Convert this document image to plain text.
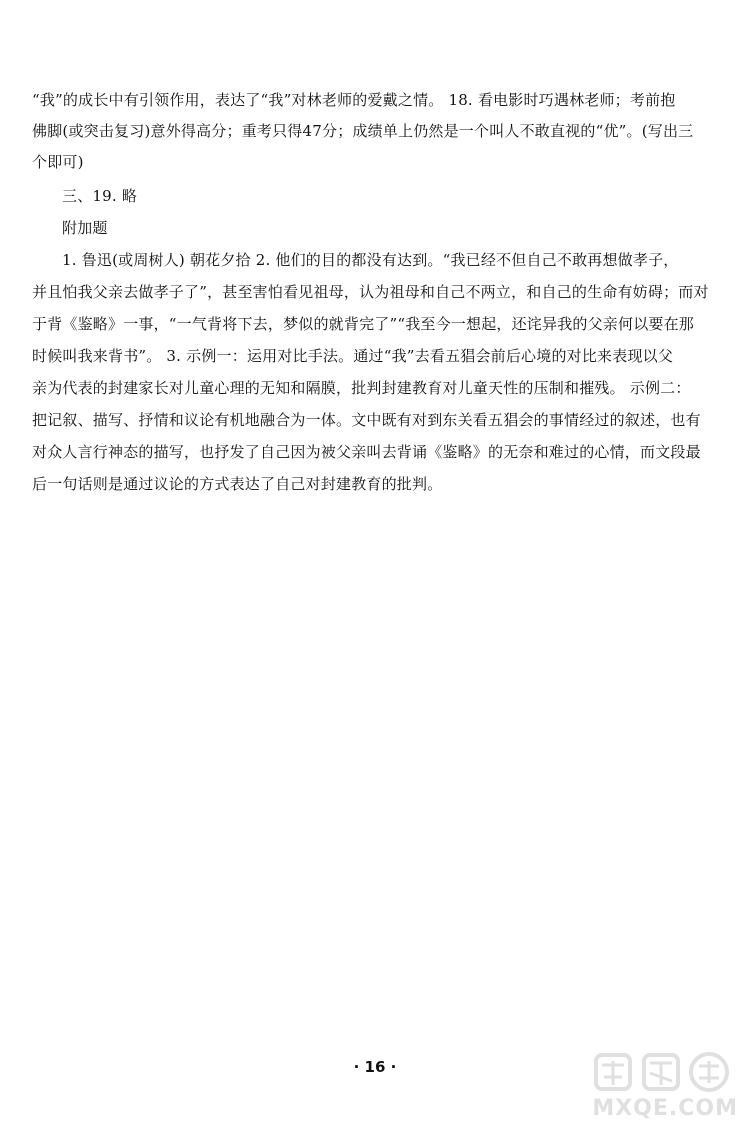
“我”的成长中有引领作用，表达了“我”对林老师的爱戴之情。 18. 看电影时巧遇林老师；考前抱
佛脚(或突击复习)意外得高分；重考只得47分；成绩单上仍然是一个叫人不敢直视的“优”。(写出三
个即可)
三、19. 略
附加题
1. 鲁迅(或周树人) 朝花夕拾 2. 他们的目的都没有达到。“我已经不但自己不敢再想做孝子，
并且怕我父亲去做孝子了”，甚至害怕看见祖母，认为祖母和自己不两立，和自己的生命有妨碍；而对
于背《鉴略》一事，“一气背将下去，梦似的就背完了”“我至今一想起，还诧异我的父亲何以要在那
时候叫我来背书”。 3. 示例一：运用对比手法。通过“我”去看五猖会前后心境的对比来表现以父
亲为代表的封建家长对儿童心理的无知和隔膜，批判封建教育对儿童天性的压制和摧残。 示例二：
把记叙、描写、抒情和议论有机地融合为一体。文中既有对到东关看五猖会的事情经过的叙述，也有
对众人言行神态的描写，也抒发了自己因为被父亲叫去背诵《鉴略》的无奈和难过的心情，而文段最
后一句话则是通过议论的方式表达了自己对封建教育的批判。
· 16 ·
MXQE.COM
